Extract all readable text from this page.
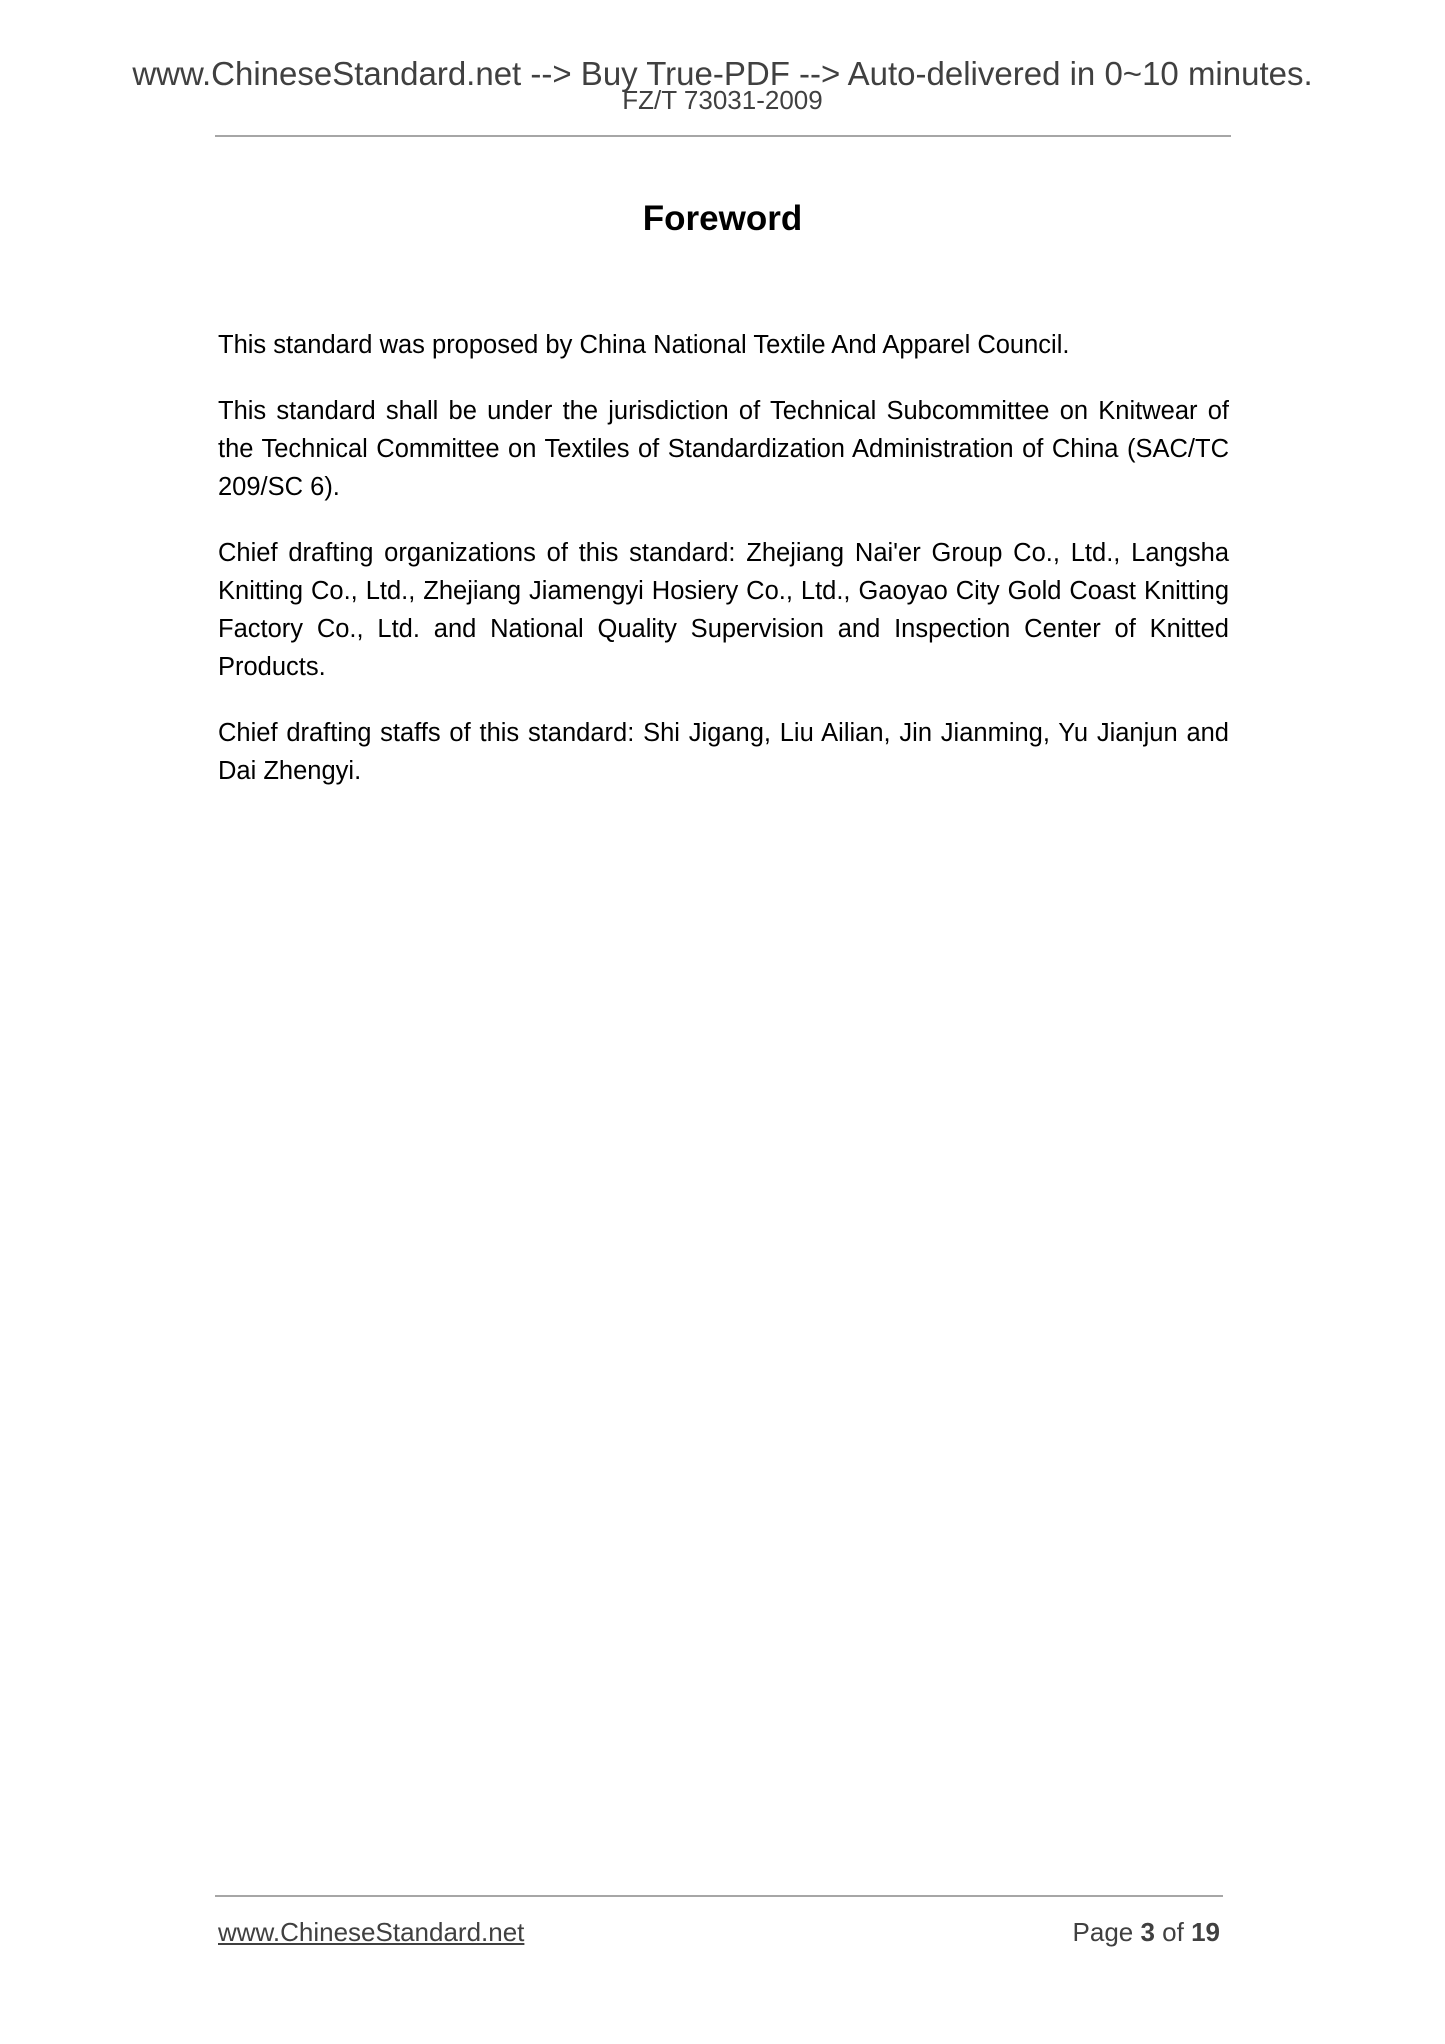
www.ChineseStandard.net --> Buy True-PDF --> Auto-delivered in 0~10 minutes.
FZ/T 73031-2009
Foreword

This standard was proposed by China National Textile And Apparel Council.

This standard shall be under the jurisdiction of Technical Subcommittee on Knitwear of the Technical Committee on Textiles of Standardization Administration of China (SAC/TC 209/SC 6).

Chief drafting organizations of this standard: Zhejiang Nai'er Group Co., Ltd., Langsha Knitting Co., Ltd., Zhejiang Jiamengyi Hosiery Co., Ltd., Gaoyao City Gold Coast Knitting Factory Co., Ltd. and National Quality Supervision and Inspection Center of Knitted Products.

Chief drafting staffs of this standard: Shi Jigang, Liu Ailian, Jin Jianming, Yu Jianjun and Dai Zhengyi.

www.ChineseStandard.net	Page 3 of 19
